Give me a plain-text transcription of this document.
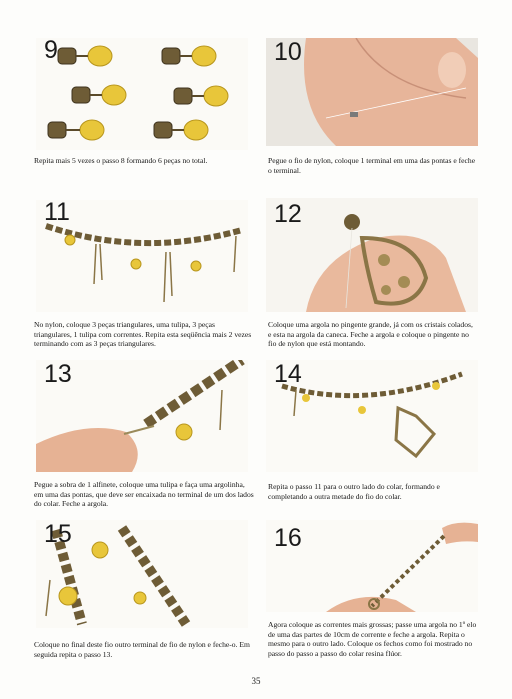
9
Repita mais 5 vezes o passo 8 formando 6 peças no total.
10
Pegue o fio de nylon, coloque 1 terminal em uma das pontas e feche o terminal.
11
No nylon, coloque 3 peças triangulares, uma tulipa, 3 peças triangulares, 1 tulipa com correntes. Repita esta seqüência mais 2 vezes terminando com as 3 peças triangulares.
12
Coloque uma argola no pingente grande, já com os cristais colados, e esta na argola da caneca. Feche a argola e coloque o pingente no fio de nylon que está montando.
13
Pegue a sobra de 1 alfinete, coloque uma tulipa e faça uma argolinha, em uma das pontas, que deve ser encaixada no terminal de um dos lados do colar. Feche a argola.
14
Repita o passo 11 para o outro lado do colar, formando e completando a outra metade do fio do colar.
15
Coloque no final deste fio outro terminal de fio de nylon e feche-o. Em seguida repita o passo 13.
16
Agora coloque as correntes mais grossas; passe uma argola no 1º elo de uma das partes de 10cm de corrente e feche a argola. Repita o mesmo para o outro lado. Coloque os fechos como foi mostrado no passo do passo a passo do colar resina flúor.
35
